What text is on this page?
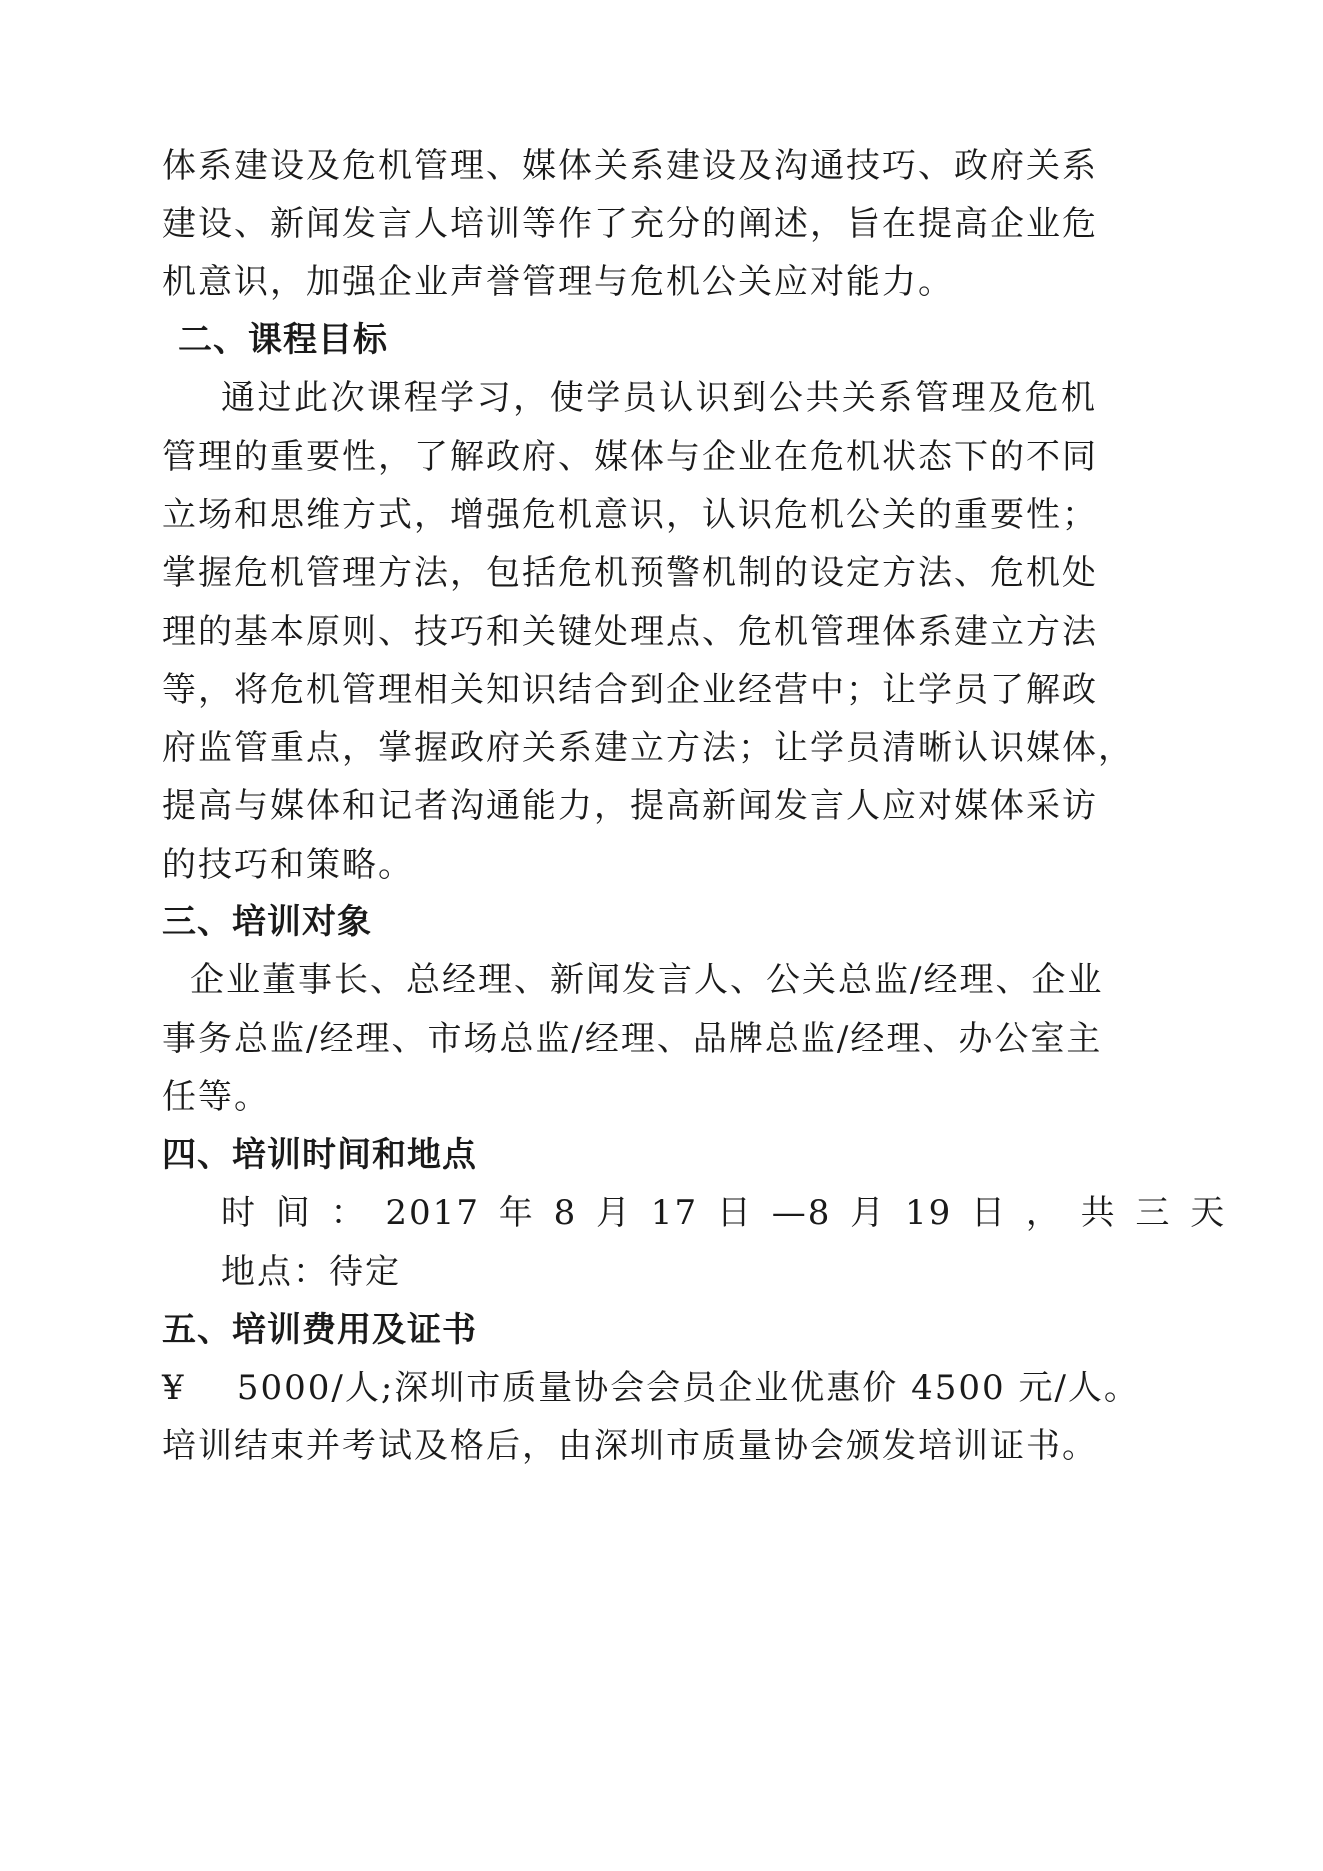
体系建设及危机管理、媒体关系建设及沟通技巧、政府关系
建设、新闻发言人培训等作了充分的阐述，旨在提高企业危
机意识，加强企业声誉管理与危机公关应对能力。
二、课程目标
通过此次课程学习，使学员认识到公共关系管理及危机
管理的重要性，了解政府、媒体与企业在危机状态下的不同
立场和思维方式，增强危机意识，认识危机公关的重要性；
掌握危机管理方法，包括危机预警机制的设定方法、危机处
理的基本原则、技巧和关键处理点、危机管理体系建立方法
等，将危机管理相关知识结合到企业经营中；让学员了解政
府监管重点，掌握政府关系建立方法；让学员清晰认识媒体，
提高与媒体和记者沟通能力，提高新闻发言人应对媒体采访
的技巧和策略。
三、培训对象
企业董事长、总经理、新闻发言人、公关总监/经理、企业
事务总监/经理、市场总监/经理、品牌总监/经理、办公室主
任等。
四、培训时间和地点
时 间 ： 2017 年 8 月 17 日 —8 月 19 日 ， 共 三 天
地点：待定
五、培训费用及证书
¥    5000/人;深圳市质量协会会员企业优惠价 4500 元/人。
培训结束并考试及格后，由深圳市质量协会颁发培训证书。
